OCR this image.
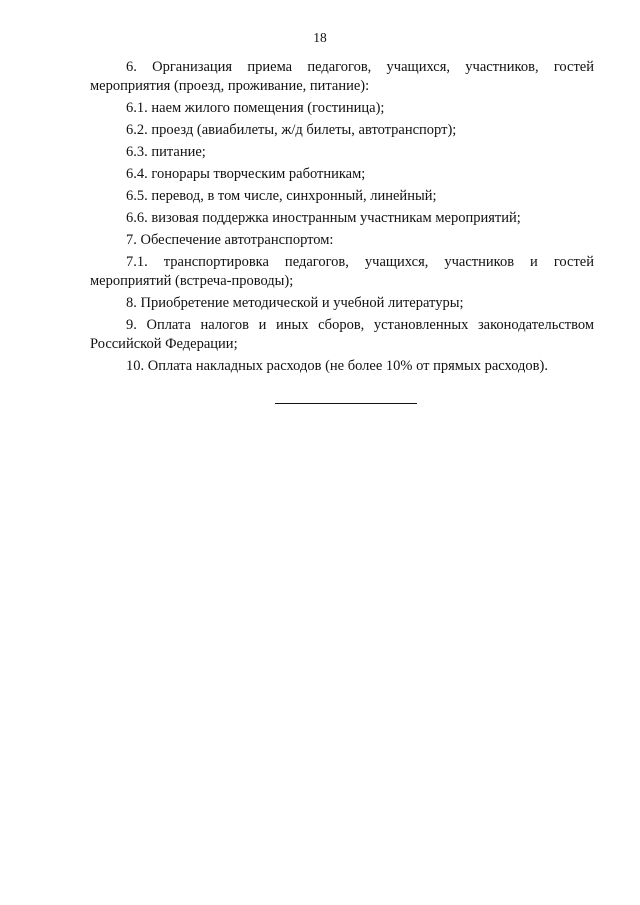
18

6. Организация приема педагогов, учащихся, участников, гостей мероприятия (проезд, проживание, питание):

6.1. наем жилого помещения (гостиница);

6.2. проезд (авиабилеты, ж/д билеты, автотранспорт);

6.3. питание;

6.4. гонорары творческим работникам;

6.5. перевод, в том числе, синхронный, линейный;

6.6. визовая поддержка иностранным участникам мероприятий;

7. Обеспечение автотранспортом:

7.1. транспортировка педагогов, учащихся, участников и гостей мероприятий (встреча-проводы);

8. Приобретение методической и учебной литературы;

9. Оплата налогов и иных сборов, установленных законодательством Российской Федерации;

10. Оплата накладных расходов (не более 10% от прямых расходов).
